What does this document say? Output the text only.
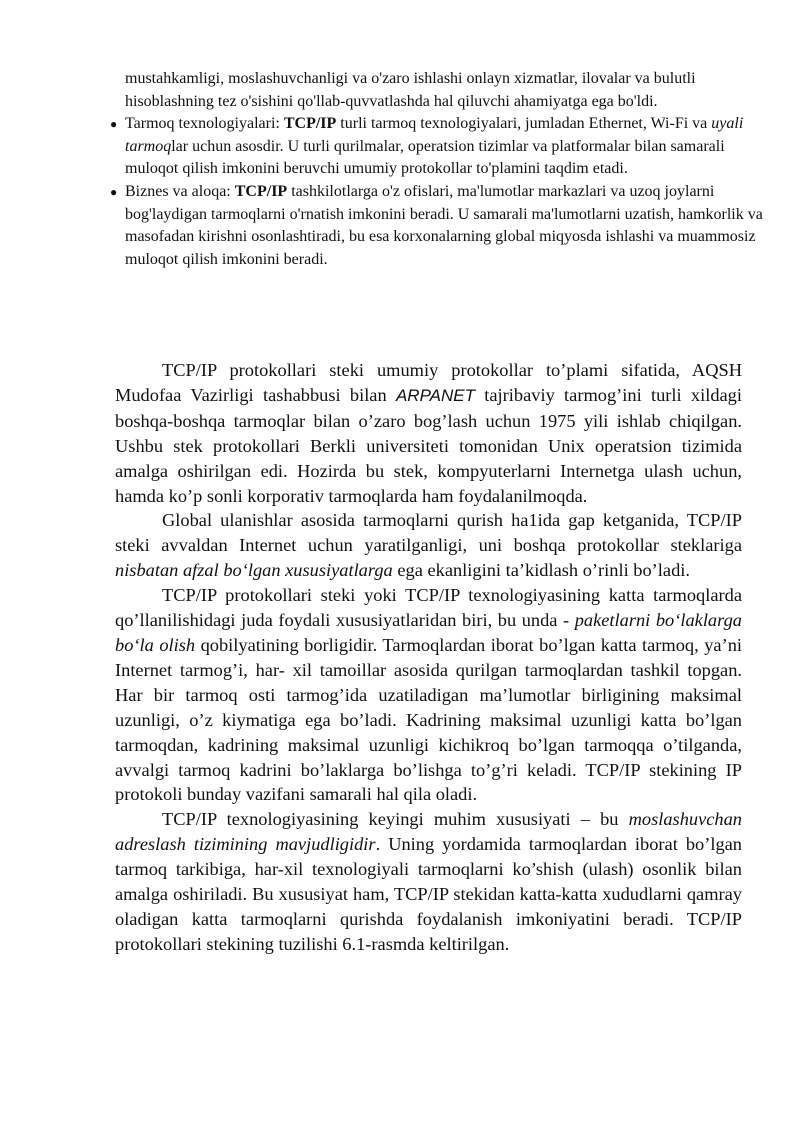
mustahkamligi, moslashuvchanligi va o'zaro ishlashi onlayn xizmatlar, ilovalar va bulutli hisoblashning tez o'sishini qo'llab-quvvatlashda hal qiluvchi ahamiyatga ega bo'ldi.

● Tarmoq texnologiyalari: TCP/IP turli tarmoq texnologiyalari, jumladan Ethernet, Wi-Fi va uyali tarmoqlar uchun asosdir. U turli qurilmalar, operatsion tizimlar va platformalar bilan samarali muloqot qilish imkonini beruvchi umumiy protokollar to'plamini taqdim etadi.

● Biznes va aloqa: TCP/IP tashkilotlarga o'z ofislari, ma'lumotlar markazlari va uzoq joylarni bog'laydigan tarmoqlarni o'rnatish imkonini beradi. U samarali ma'lumotlarni uzatish, hamkorlik va masofadan kirishni osonlashtiradi, bu esa korxonalarning global miqyosda ishlashi va muammosiz muloqot qilish imkonini beradi.

TCP/IP protokollari steki umumiy protokollar to’plami sifatida, AQSH Mudofaa Vazirligi tashabbusi bilan ARPANET tajribaviy tarmog’ini turli xildagi boshqa-boshqa tarmoqlar bilan o’zaro bog’lash uchun 1975 yili ishlab chiqilgan. Ushbu stek protokollari Berkli universiteti tomonidan Unix operatsion tizimida amalga oshirilgan edi. Hozirda bu stek, kompyuterlarni Internetga ulash uchun, hamda ko’p sonli korporativ tarmoqlarda ham foydalanilmoqda.

Global ulanishlar asosida tarmoqlarni qurish ha1ida gap ketganida, TCP/IP steki avvaldan Internet uchun yaratilganligi, uni boshqa protokollar steklariga nisbatan afzal bo‘lgan xususiyatlarga ega ekanligini ta’kidlash o’rinli bo’ladi.

TCP/IP protokollari steki yoki TCP/IP texnologiyasining katta tarmoqlarda qo’llanilishidagi juda foydali xususiyatlaridan biri, bu unda - paketlarni bo‘laklarga bo‘la olish qobilyatining borligidir. Tarmoqlardan iborat bo’lgan katta tarmoq, ya’ni Internet tarmog’i, har- xil tamoillar asosida qurilgan tarmoqlardan tashkil topgan. Har bir tarmoq osti tarmog’ida uzatiladigan ma’lumotlar birligining maksimal uzunligi, o’z kiymatiga ega bo’ladi. Kadrining maksimal uzunligi katta bo’lgan tarmoqdan, kadrining maksimal uzunligi kichikroq bo’lgan tarmoqqa o’tilganda, avvalgi tarmoq kadrini bo’laklarga bo’lishga to’g’ri keladi. TCP/IP stekining IP protokoli bunday vazifani samarali hal qila oladi.

TCP/IP texnologiyasining keyingi muhim xususiyati – bu moslashuvchan adreslash tizimining mavjudligidir. Uning yordamida tarmoqlardan iborat bo’lgan tarmoq tarkibiga, har-xil texnologiyali tarmoqlarni ko’shish (ulash) osonlik bilan amalga oshiriladi. Bu xususiyat ham, TCP/IP stekidan katta-katta xududlarni qamray oladigan katta tarmoqlarni qurishda foydalanish imkoniyatini beradi. TCP/IP protokollari stekining tuzilishi 6.1-rasmda keltirilgan.
